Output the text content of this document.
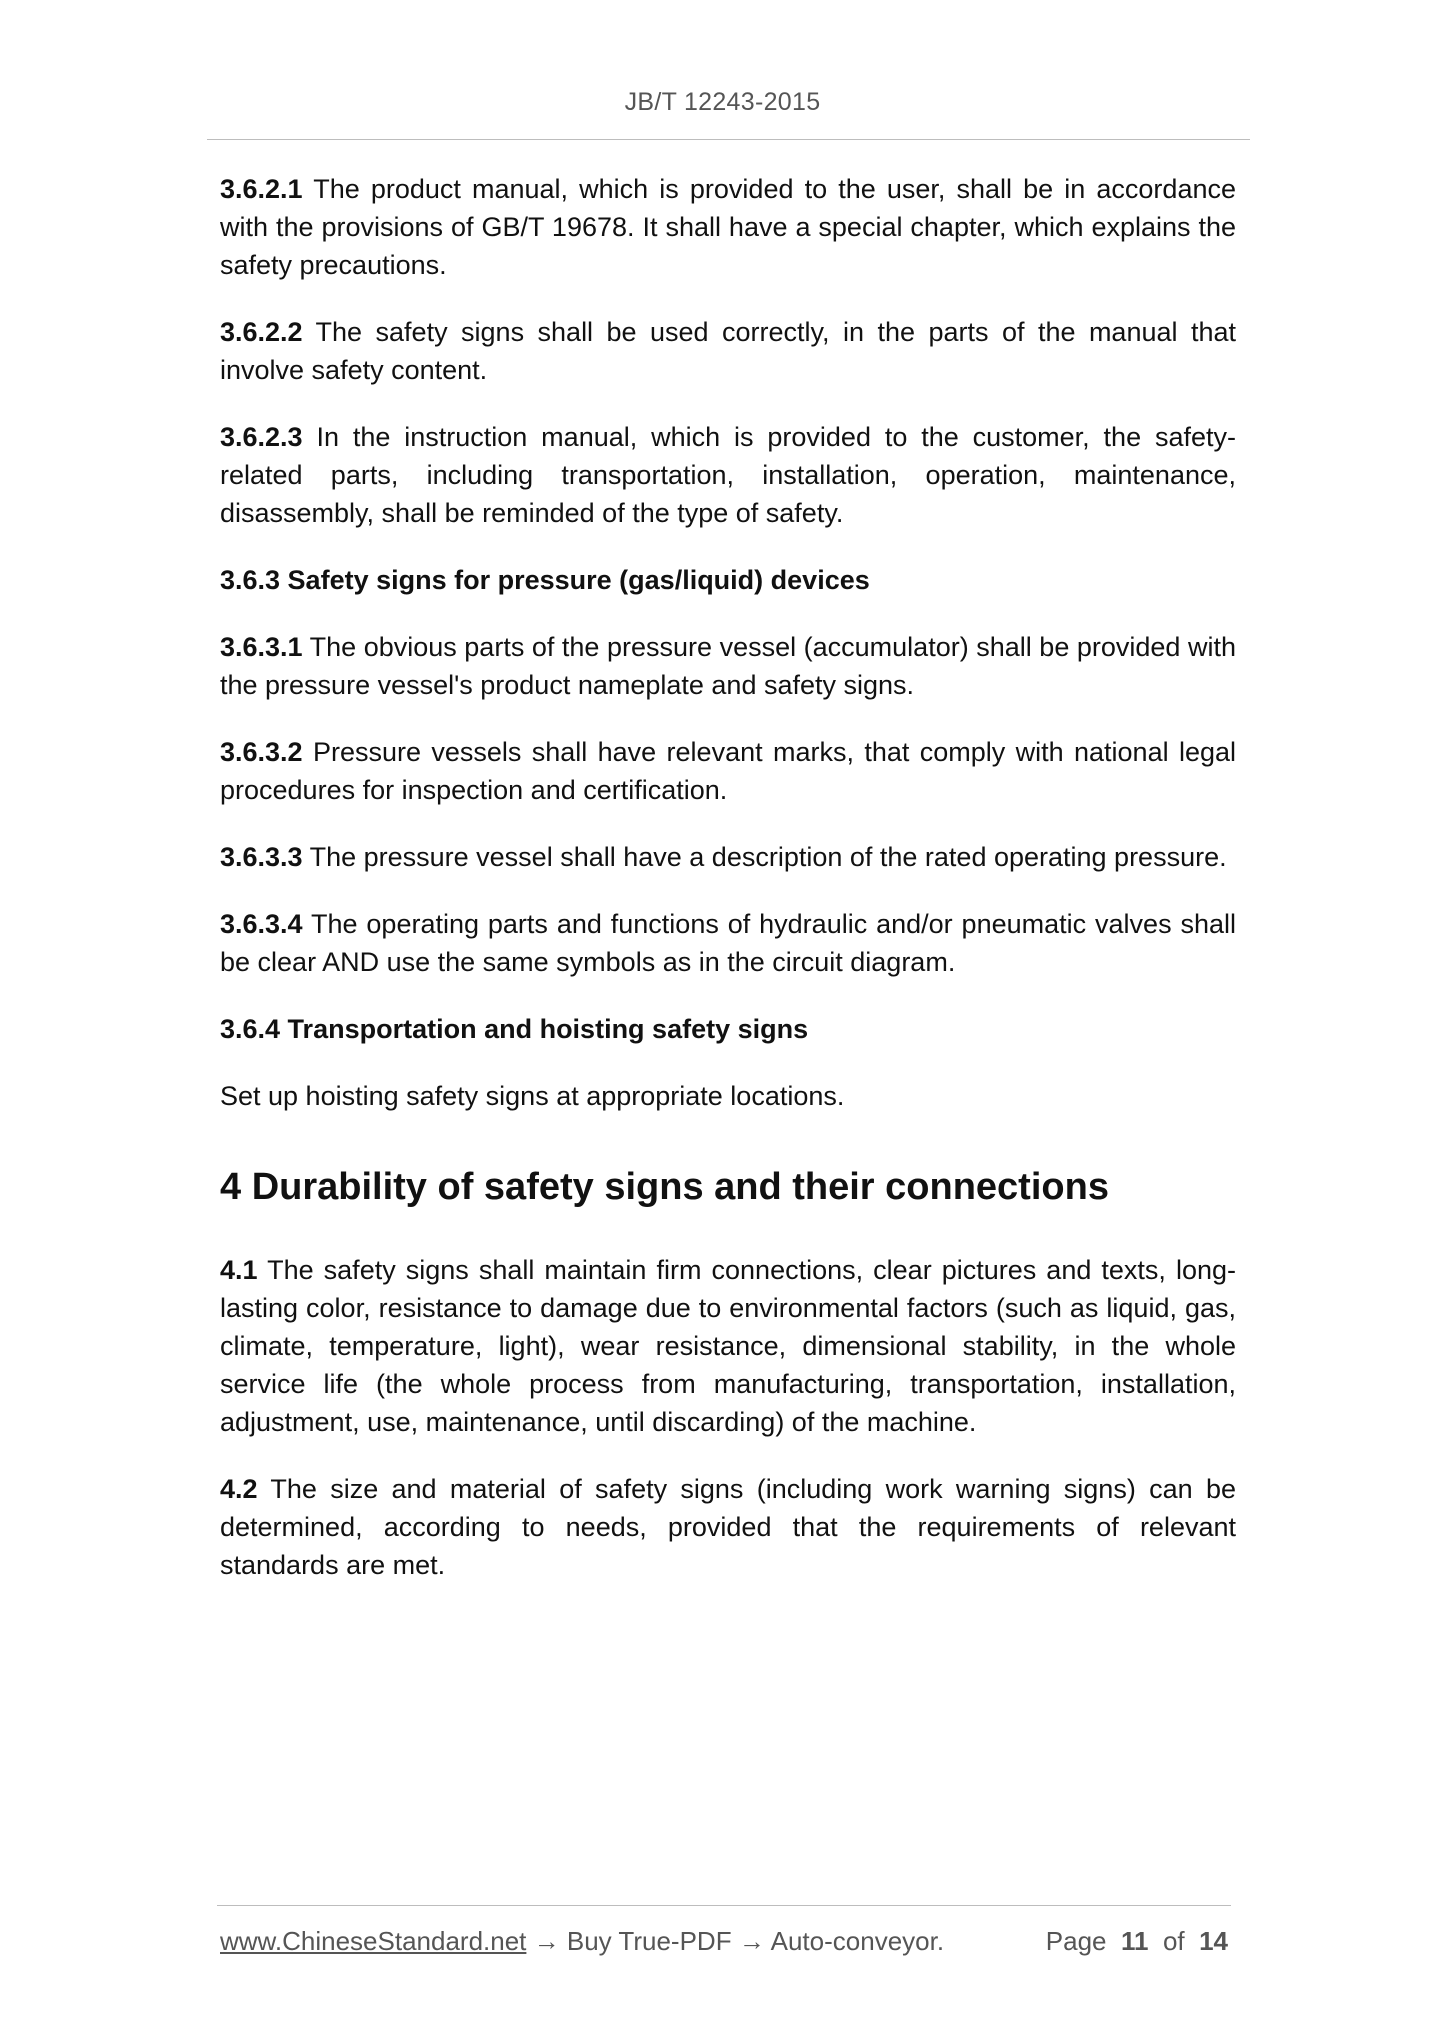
JB/T 12243-2015

3.6.2.1 The product manual, which is provided to the user, shall be in accordance with the provisions of GB/T 19678. It shall have a special chapter, which explains the safety precautions.

3.6.2.2 The safety signs shall be used correctly, in the parts of the manual that involve safety content.

3.6.2.3 In the instruction manual, which is provided to the customer, the safety-related parts, including transportation, installation, operation, maintenance, disassembly, shall be reminded of the type of safety.

3.6.3 Safety signs for pressure (gas/liquid) devices

3.6.3.1 The obvious parts of the pressure vessel (accumulator) shall be provided with the pressure vessel's product nameplate and safety signs.

3.6.3.2 Pressure vessels shall have relevant marks, that comply with national legal procedures for inspection and certification.

3.6.3.3 The pressure vessel shall have a description of the rated operating pressure.

3.6.3.4 The operating parts and functions of hydraulic and/or pneumatic valves shall be clear AND use the same symbols as in the circuit diagram.

3.6.4 Transportation and hoisting safety signs

Set up hoisting safety signs at appropriate locations.

4 Durability of safety signs and their connections

4.1 The safety signs shall maintain firm connections, clear pictures and texts, long-lasting color, resistance to damage due to environmental factors (such as liquid, gas, climate, temperature, light), wear resistance, dimensional stability, in the whole service life (the whole process from manufacturing, transportation, installation, adjustment, use, maintenance, until discarding) of the machine.

4.2 The size and material of safety signs (including work warning signs) can be determined, according to needs, provided that the requirements of relevant standards are met.

www.ChineseStandard.net → Buy True-PDF → Auto-conveyor.	Page 11 of 14
